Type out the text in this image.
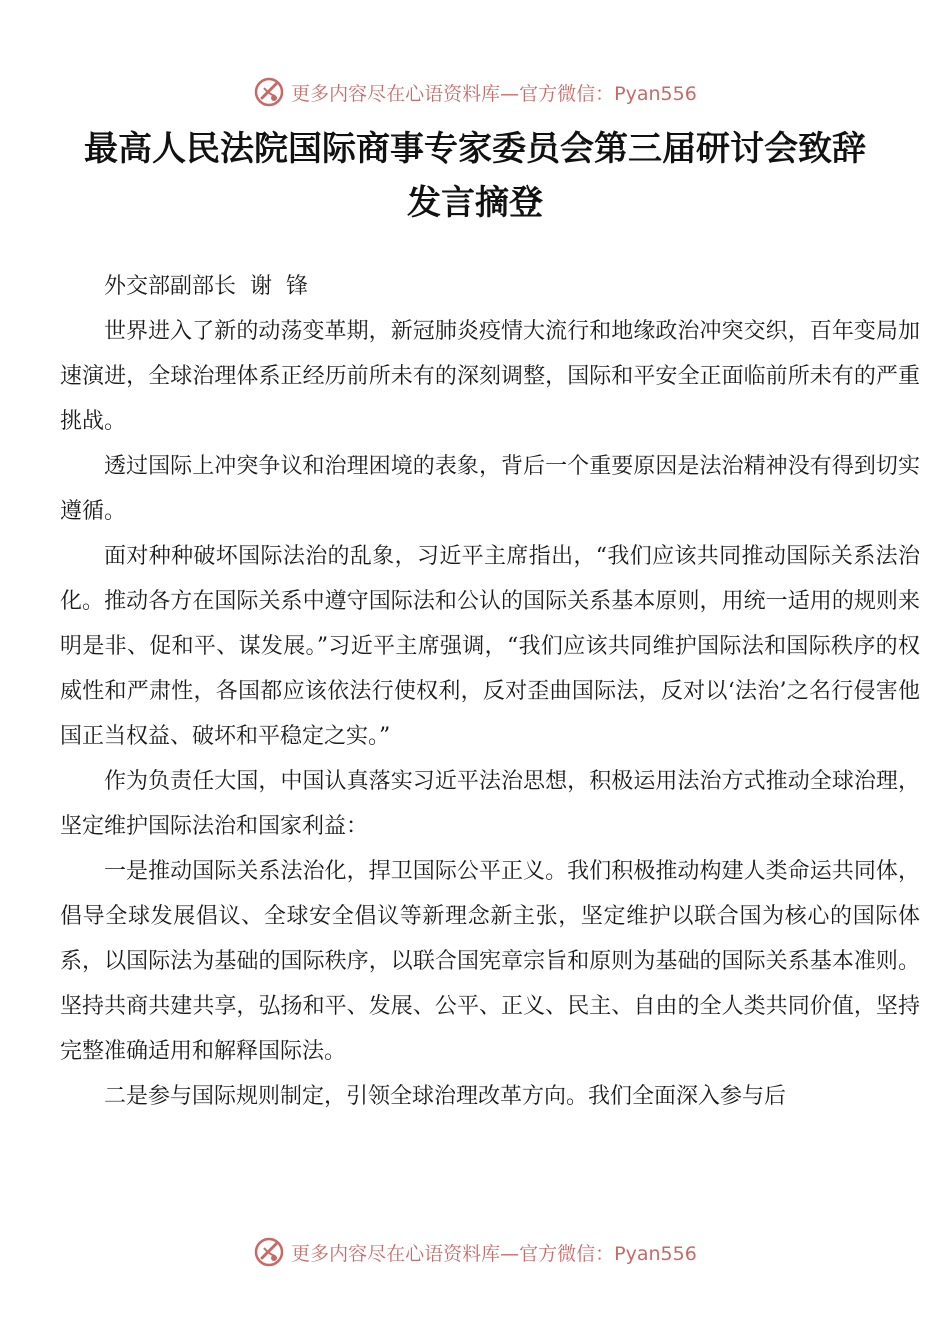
更多内容尽在心语资料库—官方微信：Pyan556
最高人民法院国际商事专家委员会第三届研讨会致辞
发言摘登
外交部副部长  谢  锋

世界进入了新的动荡变革期，新冠肺炎疫情大流行和地缘政治冲突交织，百年变局加速演进，全球治理体系正经历前所未有的深刻调整，国际和平安全正面临前所未有的严重挑战。

透过国际上冲突争议和治理困境的表象，背后一个重要原因是法治精神没有得到切实遵循。

面对种种破坏国际法治的乱象，习近平主席指出，“我们应该共同推动国际关系法治化。推动各方在国际关系中遵守国际法和公认的国际关系基本原则，用统一适用的规则来明是非、促和平、谋发展。”习近平主席强调，“我们应该共同维护国际法和国际秩序的权威性和严肃性，各国都应该依法行使权利，反对歪曲国际法，反对以‘法治’之名行侵害他国正当权益、破坏和平稳定之实。”

作为负责任大国，中国认真落实习近平法治思想，积极运用法治方式推动全球治理，坚定维护国际法治和国家利益：

一是推动国际关系法治化，捍卫国际公平正义。我们积极推动构建人类命运共同体，倡导全球发展倡议、全球安全倡议等新理念新主张，坚定维护以联合国为核心的国际体系，以国际法为基础的国际秩序，以联合国宪章宗旨和原则为基础的国际关系基本准则。坚持共商共建共享，弘扬和平、发展、公平、正义、民主、自由的全人类共同价值，坚持完整准确适用和解释国际法。

二是参与国际规则制定，引领全球治理改革方向。我们全面深入参与后

更多内容尽在心语资料库—官方微信：Pyan556
